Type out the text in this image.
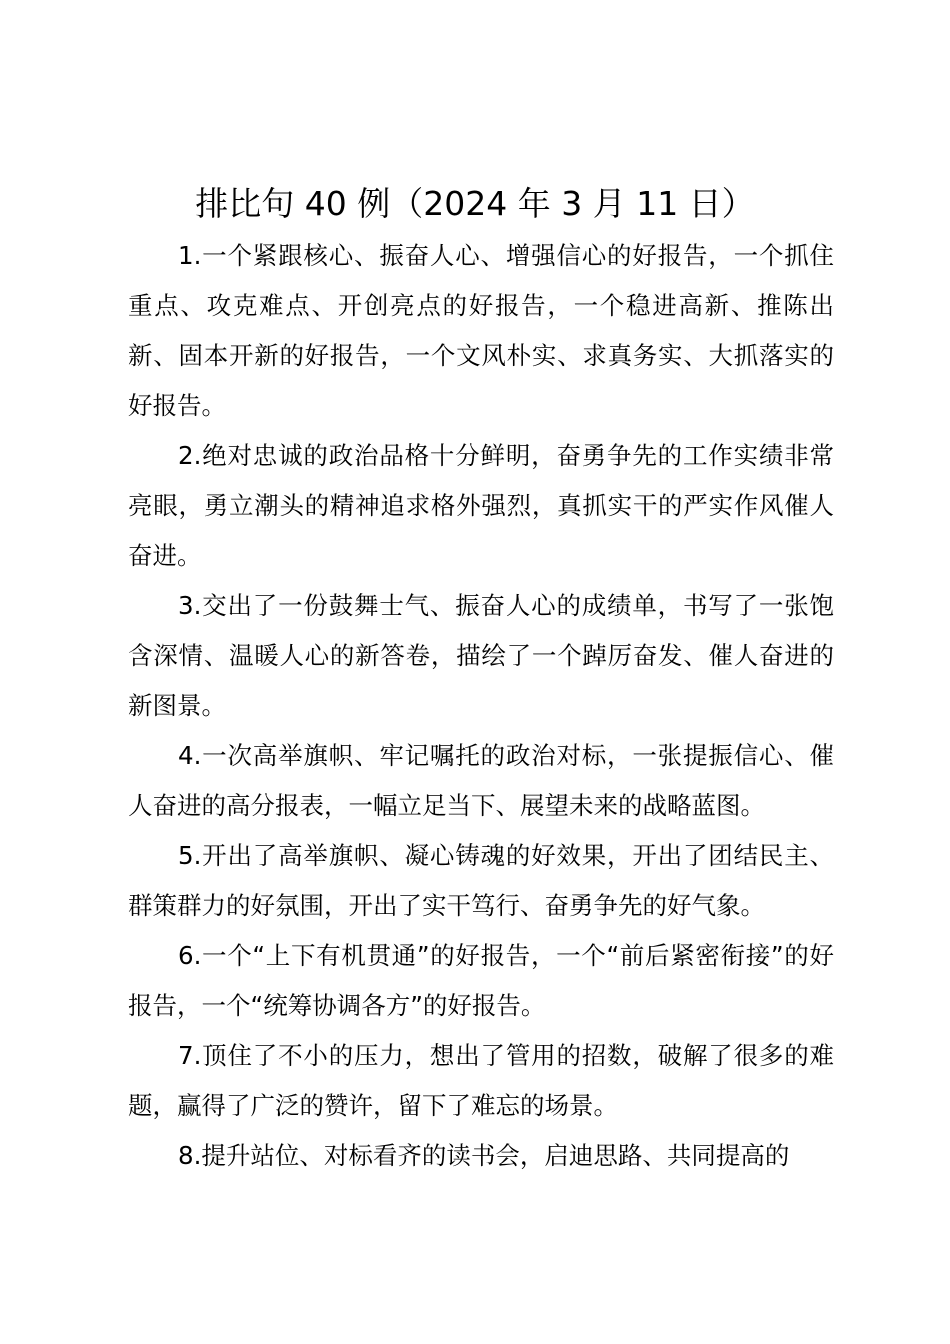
排比句 40 例（2024 年 3 月 11 日）

1.一个紧跟核心、振奋人心、增强信心的好报告，一个抓住重点、攻克难点、开创亮点的好报告，一个稳进高新、推陈出新、固本开新的好报告，一个文风朴实、求真务实、大抓落实的好报告。

2.绝对忠诚的政治品格十分鲜明，奋勇争先的工作实绩非常亮眼，勇立潮头的精神追求格外强烈，真抓实干的严实作风催人奋进。

3.交出了一份鼓舞士气、振奋人心的成绩单，书写了一张饱含深情、温暖人心的新答卷，描绘了一个踔厉奋发、催人奋进的新图景。

4.一次高举旗帜、牢记嘱托的政治对标，一张提振信心、催人奋进的高分报表，一幅立足当下、展望未来的战略蓝图。

5.开出了高举旗帜、凝心铸魂的好效果，开出了团结民主、群策群力的好氛围，开出了实干笃行、奋勇争先的好气象。

6.一个“上下有机贯通”的好报告，一个“前后紧密衔接”的好报告，一个“统筹协调各方”的好报告。

7.顶住了不小的压力，想出了管用的招数，破解了很多的难题，赢得了广泛的赞许，留下了难忘的场景。

8.提升站位、对标看齐的读书会，启迪思路、共同提高的
